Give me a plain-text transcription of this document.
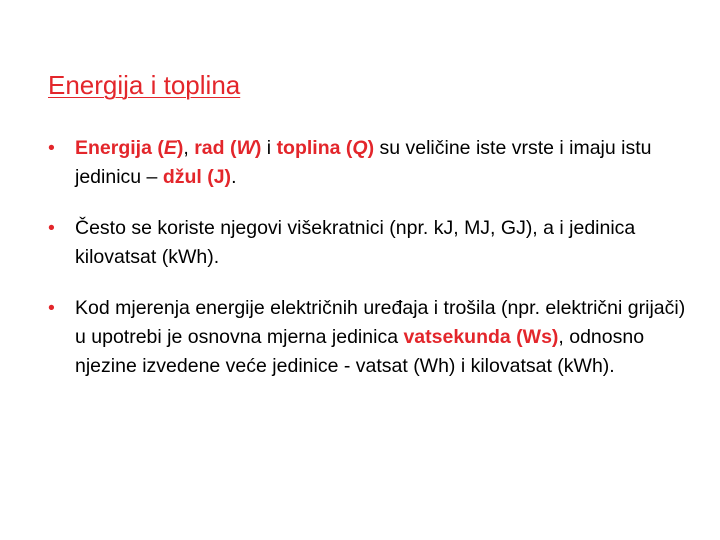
Energija i toplina
• Energija (E), rad (W) i toplina (Q) su veličine iste vrste i imaju istu jedinicu – džul (J).
• Često se koriste njegovi višekratnici (npr. kJ, MJ, GJ), a i jedinica kilovatsat (kWh).
• Kod mjerenja energije električnih uređaja i trošila (npr. električni grijači) u upotrebi je osnovna mjerna jedinica vatsekunda (Ws), odnosno njezine izvedene veće jedinice - vatsat (Wh) i kilovatsat (kWh).
